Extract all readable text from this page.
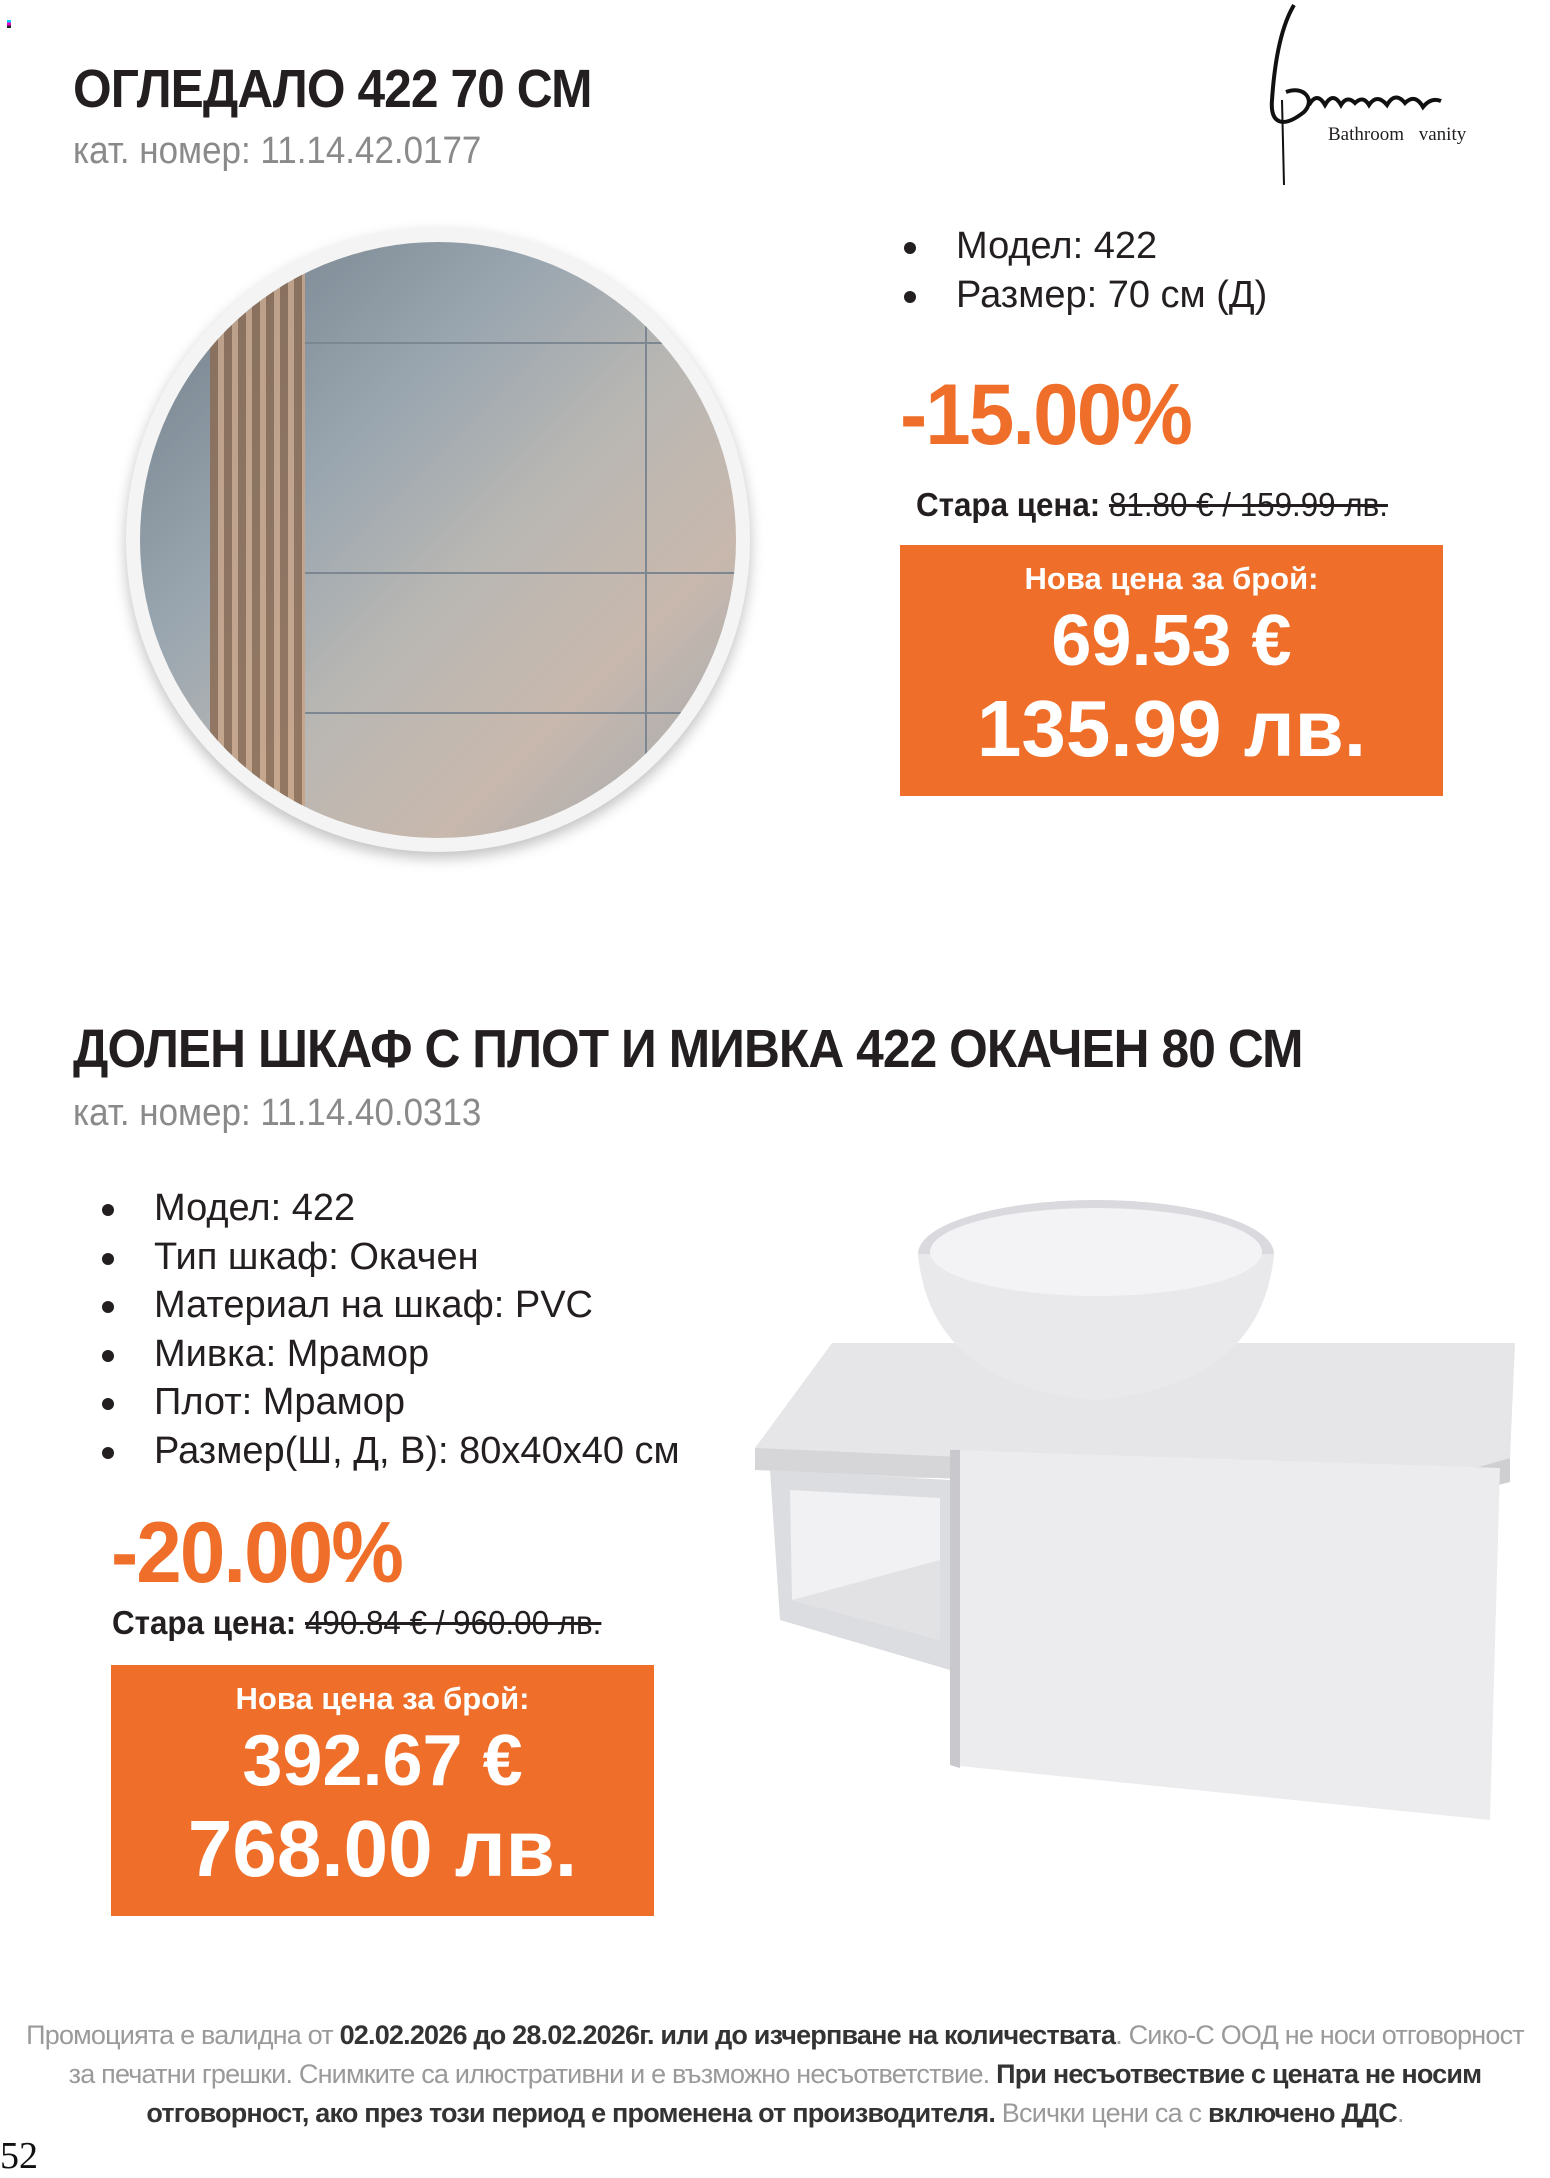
Bathroom vanity
ОГЛЕДАЛО 422 70 СМ
кат. номер: 11.14.42.0177
Модел: 422
Размер: 70 см (Д)
-15.00%
Стара цена: 81.80 € / 159.99 лв.
Нова цена за брой:
69.53 €
135.99 лв.
ДОЛЕН ШКАФ С ПЛОТ И МИВКА 422 ОКАЧЕН 80 СМ
кат. номер: 11.14.40.0313
Модел: 422
Тип шкаф: Окачен
Материал на шкаф: PVC
Мивка: Мрамор
Плот: Мрамор
Размер(Ш, Д, В): 80x40x40 см
-20.00%
Стара цена: 490.84 € / 960.00 лв.
Нова цена за брой:
392.67 €
768.00 лв.
Промоцията е валидна от 02.02.2026 до 28.02.2026г. или до изчерпване на количествата. Сико-С ООД не носи отговорност
за печатни грешки. Снимките са илюстративни и е възможно несъответствие. При несъотвествие с цената не носим
отговорност, ако през този период е променена от производителя. Всички цени са с включено ДДС.
52
